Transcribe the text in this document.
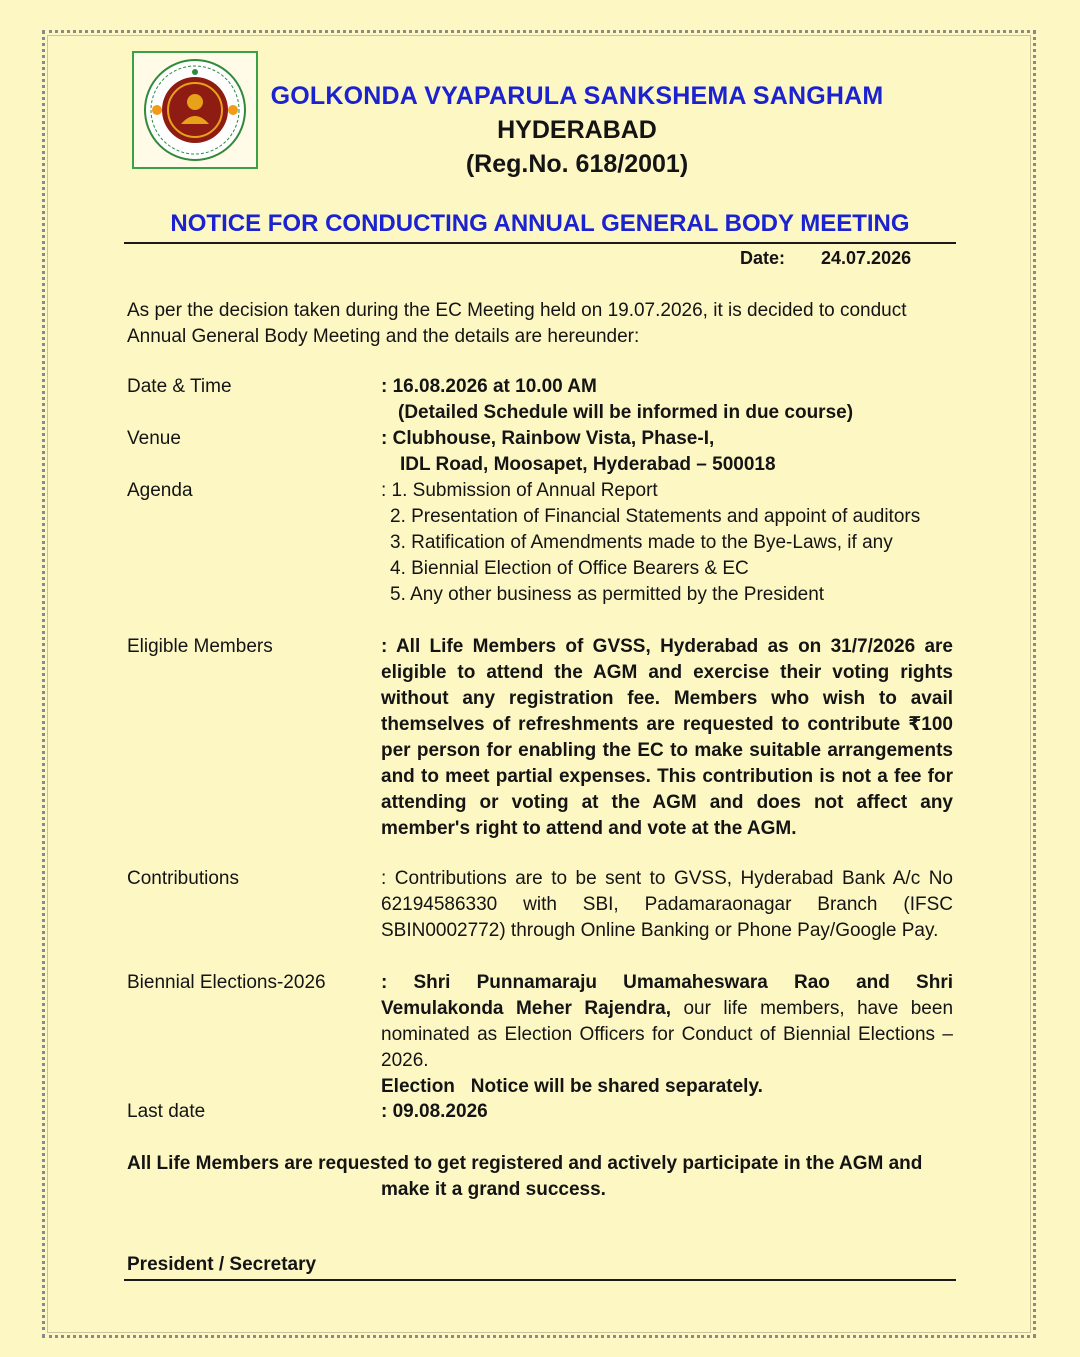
GOLKONDA VYAPARULA SANKSHEMA SANGHAM
HYDERABAD
(Reg.No. 618/2001)
NOTICE FOR CONDUCTING ANNUAL GENERAL BODY MEETING
Date: 24.07.2026
As per the decision taken during the EC Meeting held on 19.07.2026, it is decided to conduct Annual General Body Meeting and the details are hereunder:
Date & Time	: 16.08.2026 at 10.00 AM
(Detailed Schedule will be informed in due course)
Venue	: Clubhouse, Rainbow Vista, Phase-I,
IDL Road, Moosapet, Hyderabad – 500018
Agenda	: 1. Submission of Annual Report
2. Presentation of Financial Statements and appoint of auditors
3. Ratification of Amendments made to the Bye-Laws, if any
4. Biennial Election of Office Bearers & EC
5. Any other business as permitted by the President
Eligible Members	: All Life Members of GVSS, Hyderabad as on 31/7/2026 are eligible to attend the AGM and exercise their voting rights without any registration fee. Members who wish to avail themselves of refreshments are requested to contribute ₹100 per person for enabling the EC to make suitable arrangements and to meet partial expenses. This contribution is not a fee for attending or voting at the AGM and does not affect any member's right to attend and vote at the AGM.
Contributions	: Contributions are to be sent to GVSS, Hyderabad Bank A/c No 62194586330 with SBI, Padamaraonagar Branch (IFSC SBIN0002772) through Online Banking or Phone Pay/Google Pay.
Biennial Elections-2026	: Shri Punnamaraju Umamaheswara Rao and Shri Vemulakonda Meher Rajendra, our life members, have been nominated as Election Officers for Conduct of Biennial Elections –2026.
Election   Notice will be shared separately.
Last date	: 09.08.2026
All Life Members are requested to get registered and actively participate in the AGM and
make it a grand success.
President / Secretary
